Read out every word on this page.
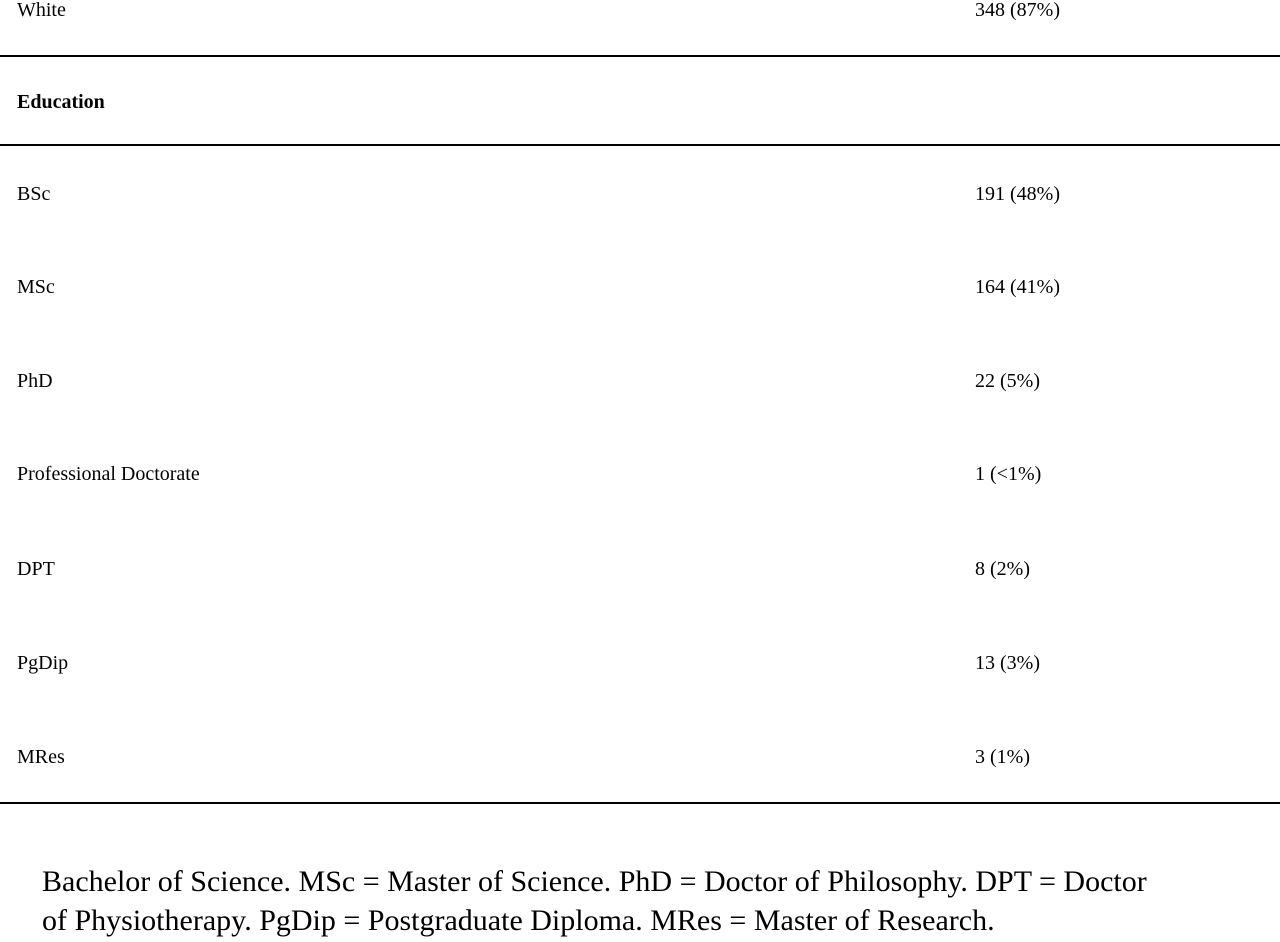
White	348 (87%)
Education
BSc	191 (48%)
MSc	164 (41%)
PhD	22 (5%)
Professional Doctorate	1 (<1%)
DPT	8 (2%)
PgDip	13 (3%)
MRes	3 (1%)
Bachelor of Science. MSc = Master of Science. PhD = Doctor of Philosophy. DPT = Doctor
of Physiotherapy. PgDip = Postgraduate Diploma. MRes = Master of Research.
